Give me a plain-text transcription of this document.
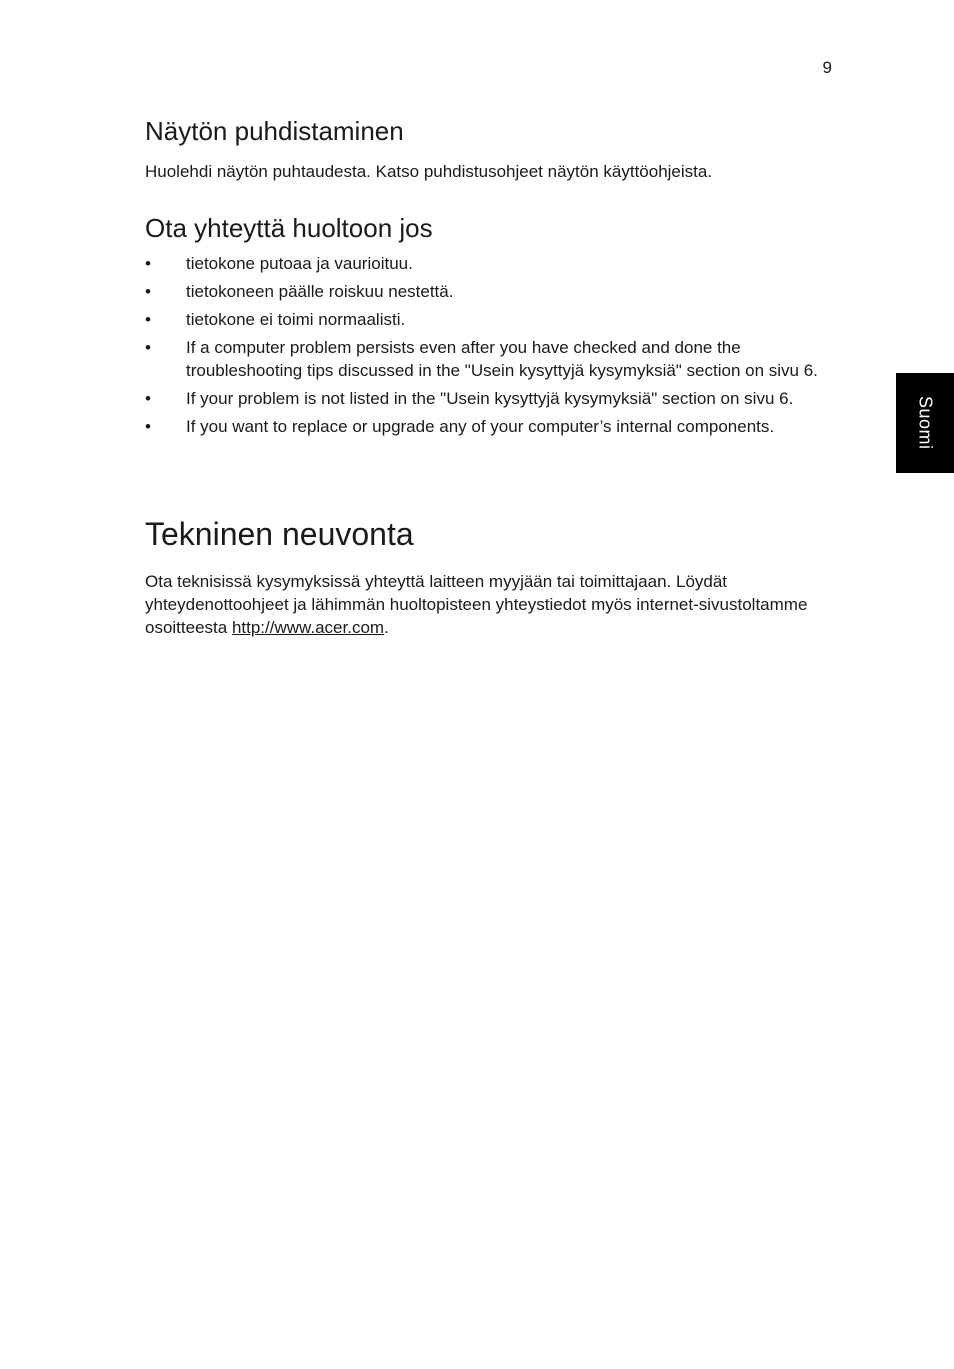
9
Suomi
Näytön puhdistaminen

Huolehdi näytön puhtaudesta. Katso puhdistusohjeet näytön käyttöohjeista.

Ota yhteyttä huoltoon jos
• tietokone putoaa ja vaurioituu.
• tietokoneen päälle roiskuu nestettä.
• tietokone ei toimi normaalisti.
• If a computer problem persists even after you have checked and done the troubleshooting tips discussed in the "Usein kysyttyjä kysymyksiä" section on sivu 6.
• If your problem is not listed in the "Usein kysyttyjä kysymyksiä" section on sivu 6.
• If you want to replace or upgrade any of your computer’s internal components.
Tekninen neuvonta

Ota teknisissä kysymyksissä yhteyttä laitteen myyjään tai toimittajaan. Löydät yhteydenottoohjeet ja lähimmän huoltopisteen yhteystiedot myös internet-sivustoltamme osoitteesta http://www.acer.com.
